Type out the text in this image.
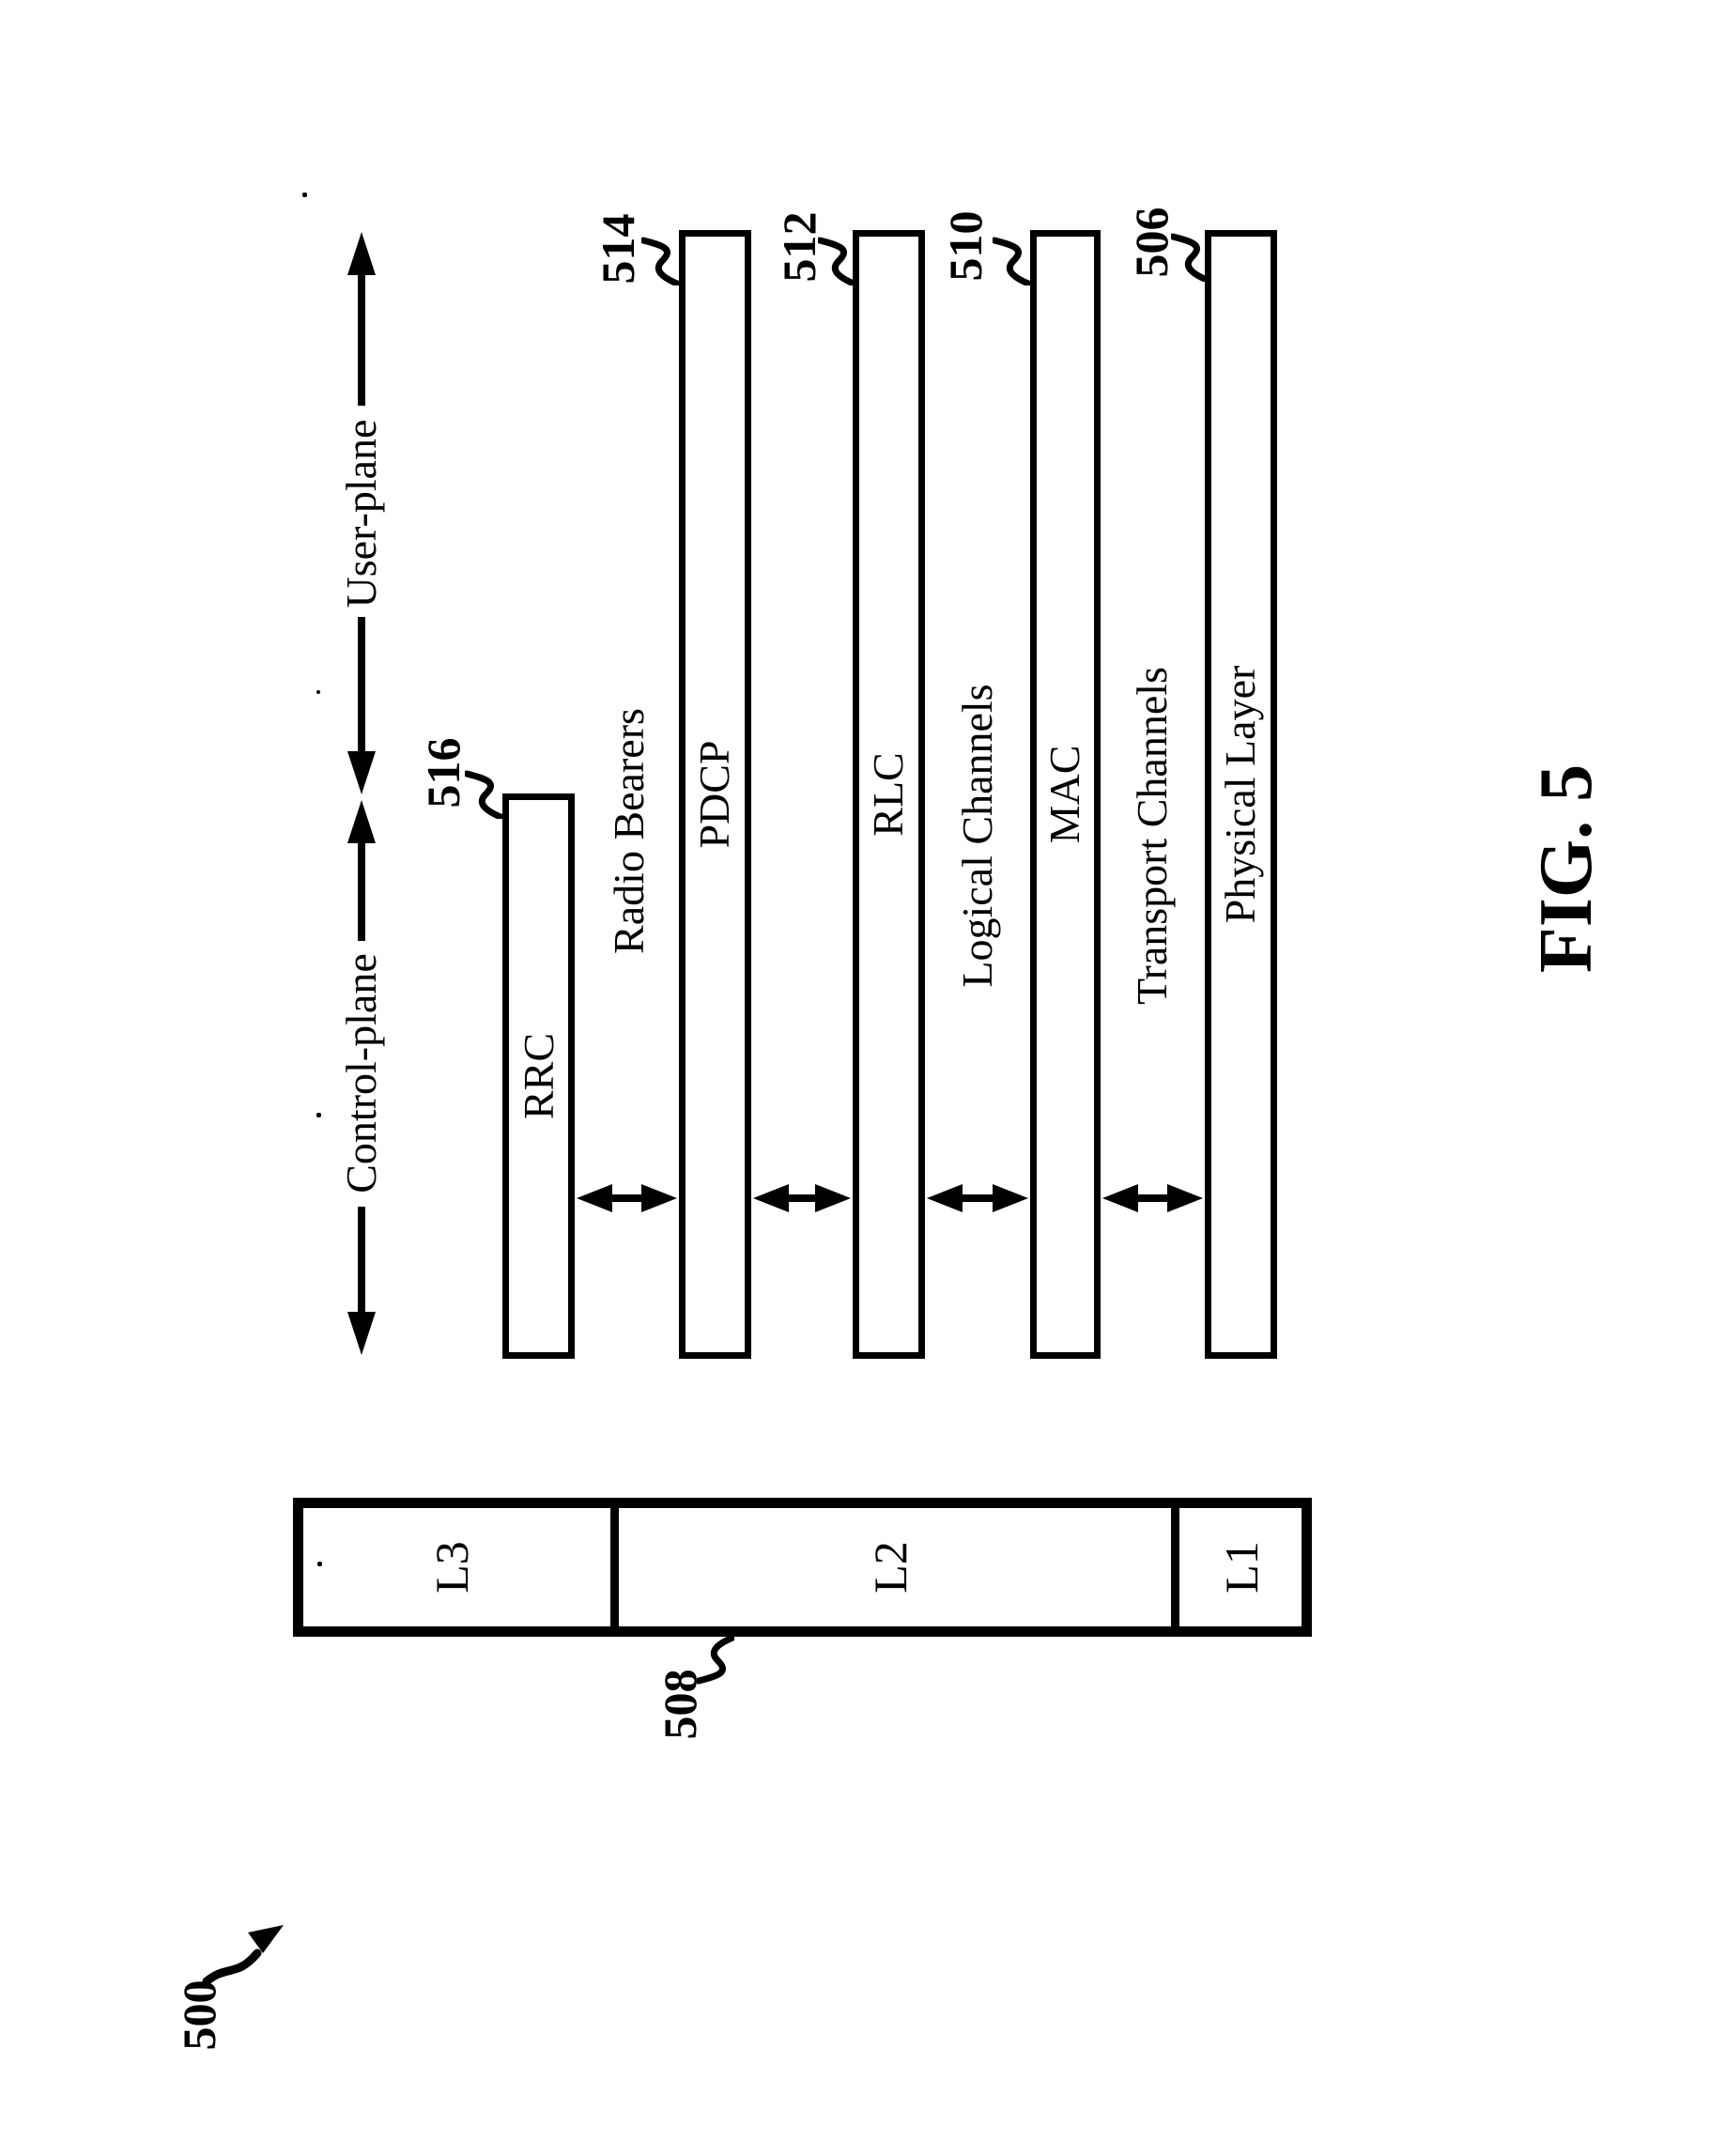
User-plane
Control-plane	RRC
PDCP	RLC	MAC	Physical Layer
Radio Bearers	Logical Channels	Transport Channels
516
514	512 510	506
L3	L2	L1
508
500
FIG. 5
